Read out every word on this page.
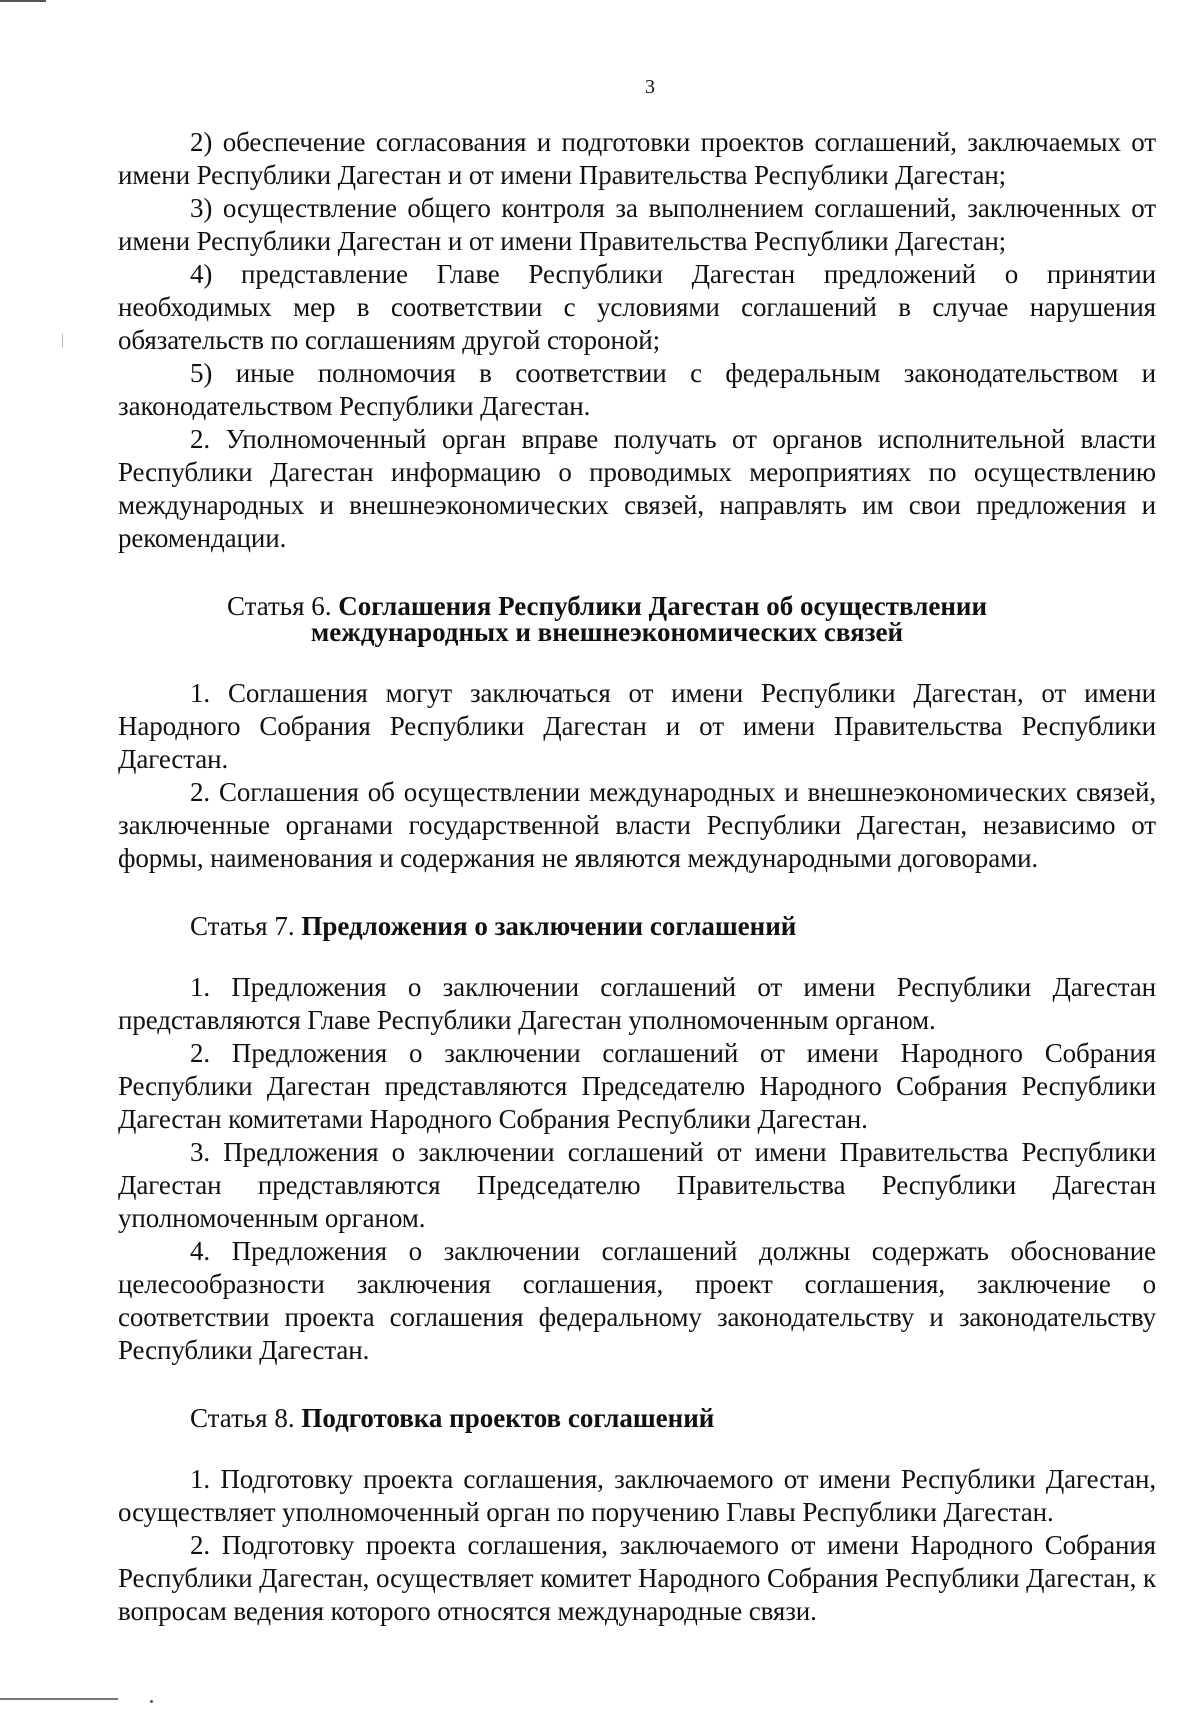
3

2) обеспечение согласования и подготовки проектов соглашений, заключаемых от имени Республики Дагестан и от имени Правительства Республики Дагестан;

3) осуществление общего контроля за выполнением соглашений, заключенных от имени Республики Дагестан и от имени Правительства Республики Дагестан;

4) представление Главе Республики Дагестан предложений о принятии необходимых мер в соответствии с условиями соглашений в случае нарушения обязательств по соглашениям другой стороной;

5) иные полномочия в соответствии с федеральным законодательством и законодательством Республики Дагестан.

2. Уполномоченный орган вправе получать от органов исполнительной власти Республики Дагестан информацию о проводимых мероприятиях по осуществлению международных и внешнеэкономических связей, направлять им свои предложения и рекомендации.

Статья 6. Соглашения Республики Дагестан об осуществлении
международных и внешнеэкономических связей

1. Соглашения могут заключаться от имени Республики Дагестан, от имени Народного Собрания Республики Дагестан и от имени Правительства Республики Дагестан.

2. Соглашения об осуществлении международных и внешнеэкономических связей, заключенные органами государственной власти Республики Дагестан, независимо от формы, наименования и содержания не являются международными договорами.

Статья 7. Предложения о заключении соглашений

1. Предложения о заключении соглашений от имени Республики Дагестан представляются Главе Республики Дагестан уполномоченным органом.

2. Предложения о заключении соглашений от имени Народного Собрания Республики Дагестан представляются Председателю Народного Собрания Республики Дагестан комитетами Народного Собрания Республики Дагестан.

3. Предложения о заключении соглашений от имени Правительства Республики Дагестан представляются Председателю Правительства Республики Дагестан уполномоченным органом.

4. Предложения о заключении соглашений должны содержать обоснование целесообразности заключения соглашения, проект соглашения, заключение о соответствии проекта соглашения федеральному законодательству и законодательству Республики Дагестан.

Статья 8. Подготовка проектов соглашений

1. Подготовку проекта соглашения, заключаемого от имени Республики Дагестан, осуществляет уполномоченный орган по поручению Главы Республики Дагестан.

2. Подготовку проекта соглашения, заключаемого от имени Народного Собрания Республики Дагестан, осуществляет комитет Народного Собрания Республики Дагестан, к вопросам ведения которого относятся международные связи.
